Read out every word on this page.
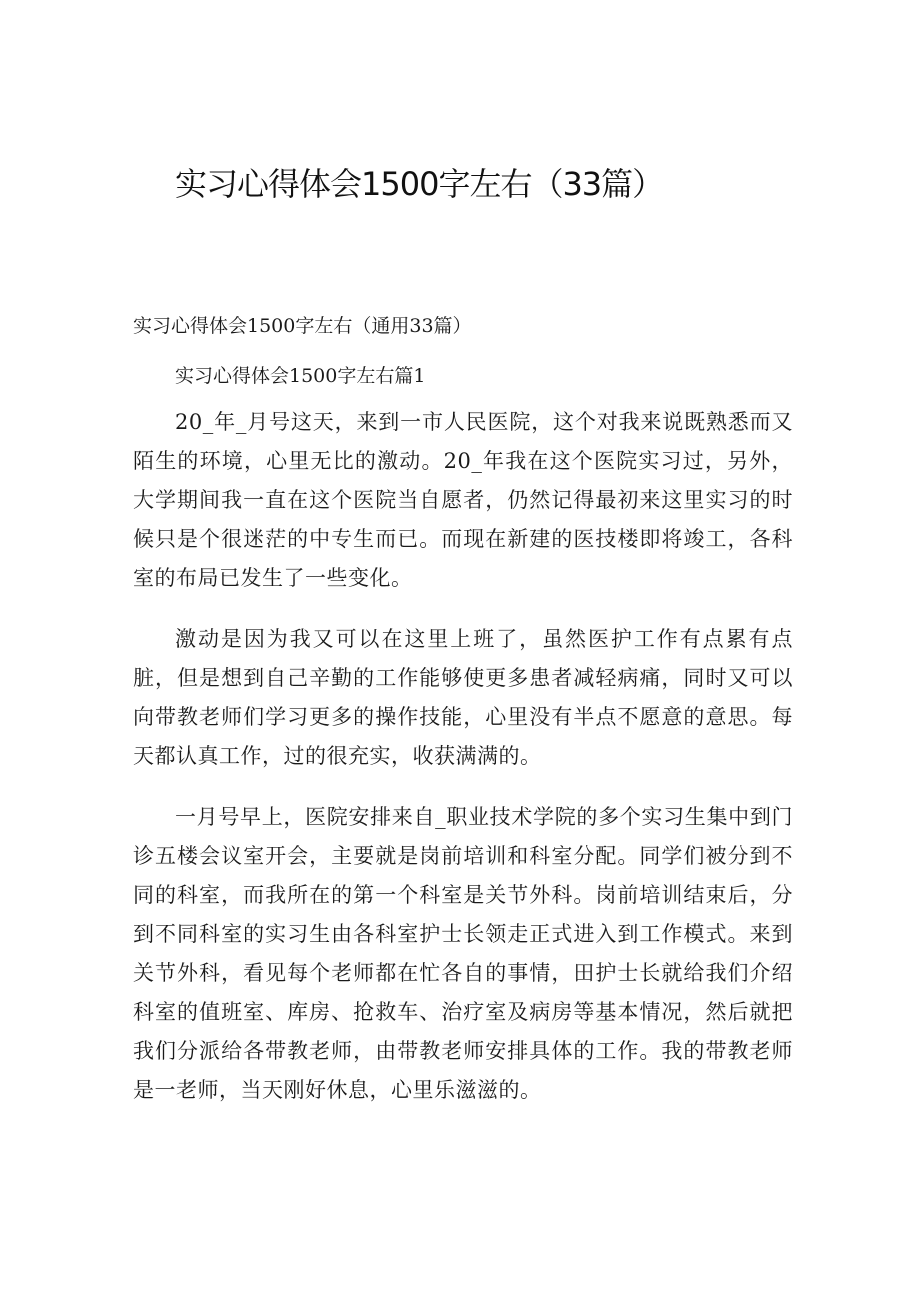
实习心得体会1500字左右（33篇）

实习心得体会1500字左右（通用33篇）

实习心得体会1500字左右篇1

20_年_月号这天，来到一市人民医院，这个对我来说既熟悉而又陌生的环境，心里无比的激动。20_年我在这个医院实习过，另外，大学期间我一直在这个医院当自愿者，仍然记得最初来这里实习的时候只是个很迷茫的中专生而已。而现在新建的医技楼即将竣工，各科室的布局已发生了一些变化。

激动是因为我又可以在这里上班了，虽然医护工作有点累有点脏，但是想到自己辛勤的工作能够使更多患者减轻病痛，同时又可以向带教老师们学习更多的操作技能，心里没有半点不愿意的意思。每天都认真工作，过的很充实，收获满满的。

一月号早上，医院安排来自_职业技术学院的多个实习生集中到门诊五楼会议室开会，主要就是岗前培训和科室分配。同学们被分到不同的科室，而我所在的第一个科室是关节外科。岗前培训结束后，分到不同科室的实习生由各科室护士长领走正式进入到工作模式。来到关节外科，看见每个老师都在忙各自的事情，田护士长就给我们介绍科室的值班室、库房、抢救车、治疗室及病房等基本情况，然后就把我们分派给各带教老师，由带教老师安排具体的工作。我的带教老师是一老师，当天刚好休息，心里乐滋滋的。
